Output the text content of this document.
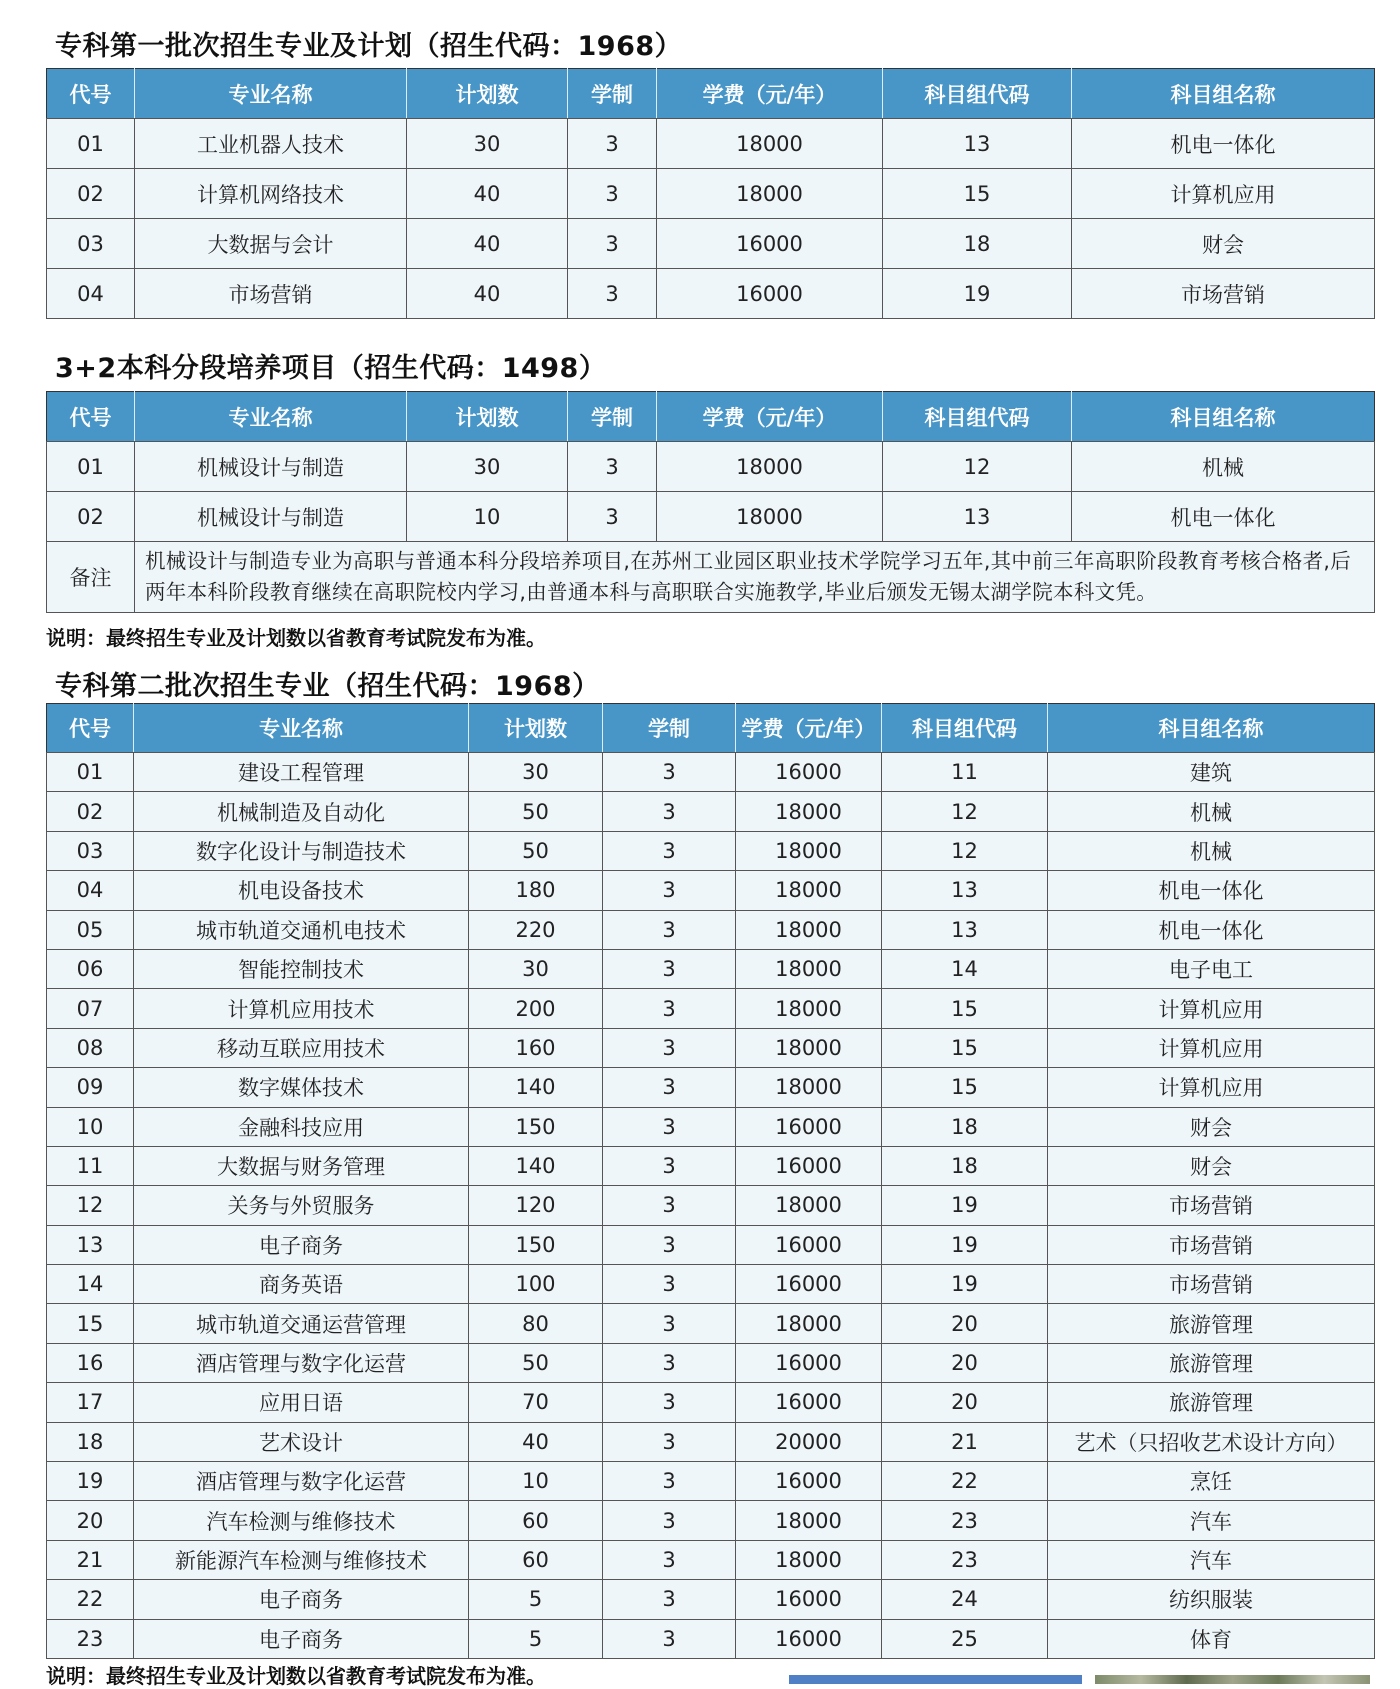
专科第一批次招生专业及计划（招生代码：1968）
代号	专业名称	计划数	学制	学费（元/年）	科目组代码	科目组名称
01	工业机器人技术	30	3	18000	13	机电一体化
02	计算机网络技术	40	3	18000	15	计算机应用
03	大数据与会计	40	3	16000	18	财会
04	市场营销	40	3	16000	19	市场营销
3+2本科分段培养项目（招生代码：1498）
代号	专业名称	计划数	学制	学费（元/年）	科目组代码	科目组名称
01	机械设计与制造	30	3	18000	12	机械
02	机械设计与制造	10	3	18000	13	机电一体化
备注	机械设计与制造专业为高职与普通本科分段培养项目,在苏州工业园区职业技术学院学习五年,其中前三年高职阶段教育考核合格者,后两年本科阶段教育继续在高职院校内学习,由普通本科与高职联合实施教学,毕业后颁发无锡太湖学院本科文凭。					
说明：最终招生专业及计划数以省教育考试院发布为准。
专科第二批次招生专业（招生代码：1968）
代号	专业名称	计划数	学制	学费（元/年）	科目组代码	科目组名称
01	建设工程管理	30	3	16000	11	建筑
02	机械制造及自动化	50	3	18000	12	机械
03	数字化设计与制造技术	50	3	18000	12	机械
04	机电设备技术	180	3	18000	13	机电一体化
05	城市轨道交通机电技术	220	3	18000	13	机电一体化
06	智能控制技术	30	3	18000	14	电子电工
07	计算机应用技术	200	3	18000	15	计算机应用
08	移动互联应用技术	160	3	18000	15	计算机应用
09	数字媒体技术	140	3	18000	15	计算机应用
10	金融科技应用	150	3	16000	18	财会
11	大数据与财务管理	140	3	16000	18	财会
12	关务与外贸服务	120	3	18000	19	市场营销
13	电子商务	150	3	16000	19	市场营销
14	商务英语	100	3	16000	19	市场营销
15	城市轨道交通运营管理	80	3	18000	20	旅游管理
16	酒店管理与数字化运营	50	3	16000	20	旅游管理
17	应用日语	70	3	16000	20	旅游管理
18	艺术设计	40	3	20000	21	艺术（只招收艺术设计方向）
19	酒店管理与数字化运营	10	3	16000	22	烹饪
20	汽车检测与维修技术	60	3	18000	23	汽车
21	新能源汽车检测与维修技术	60	3	18000	23	汽车
22	电子商务	5	3	16000	24	纺织服装
23	电子商务	5	3	16000	25	体育
说明：最终招生专业及计划数以省教育考试院发布为准。
